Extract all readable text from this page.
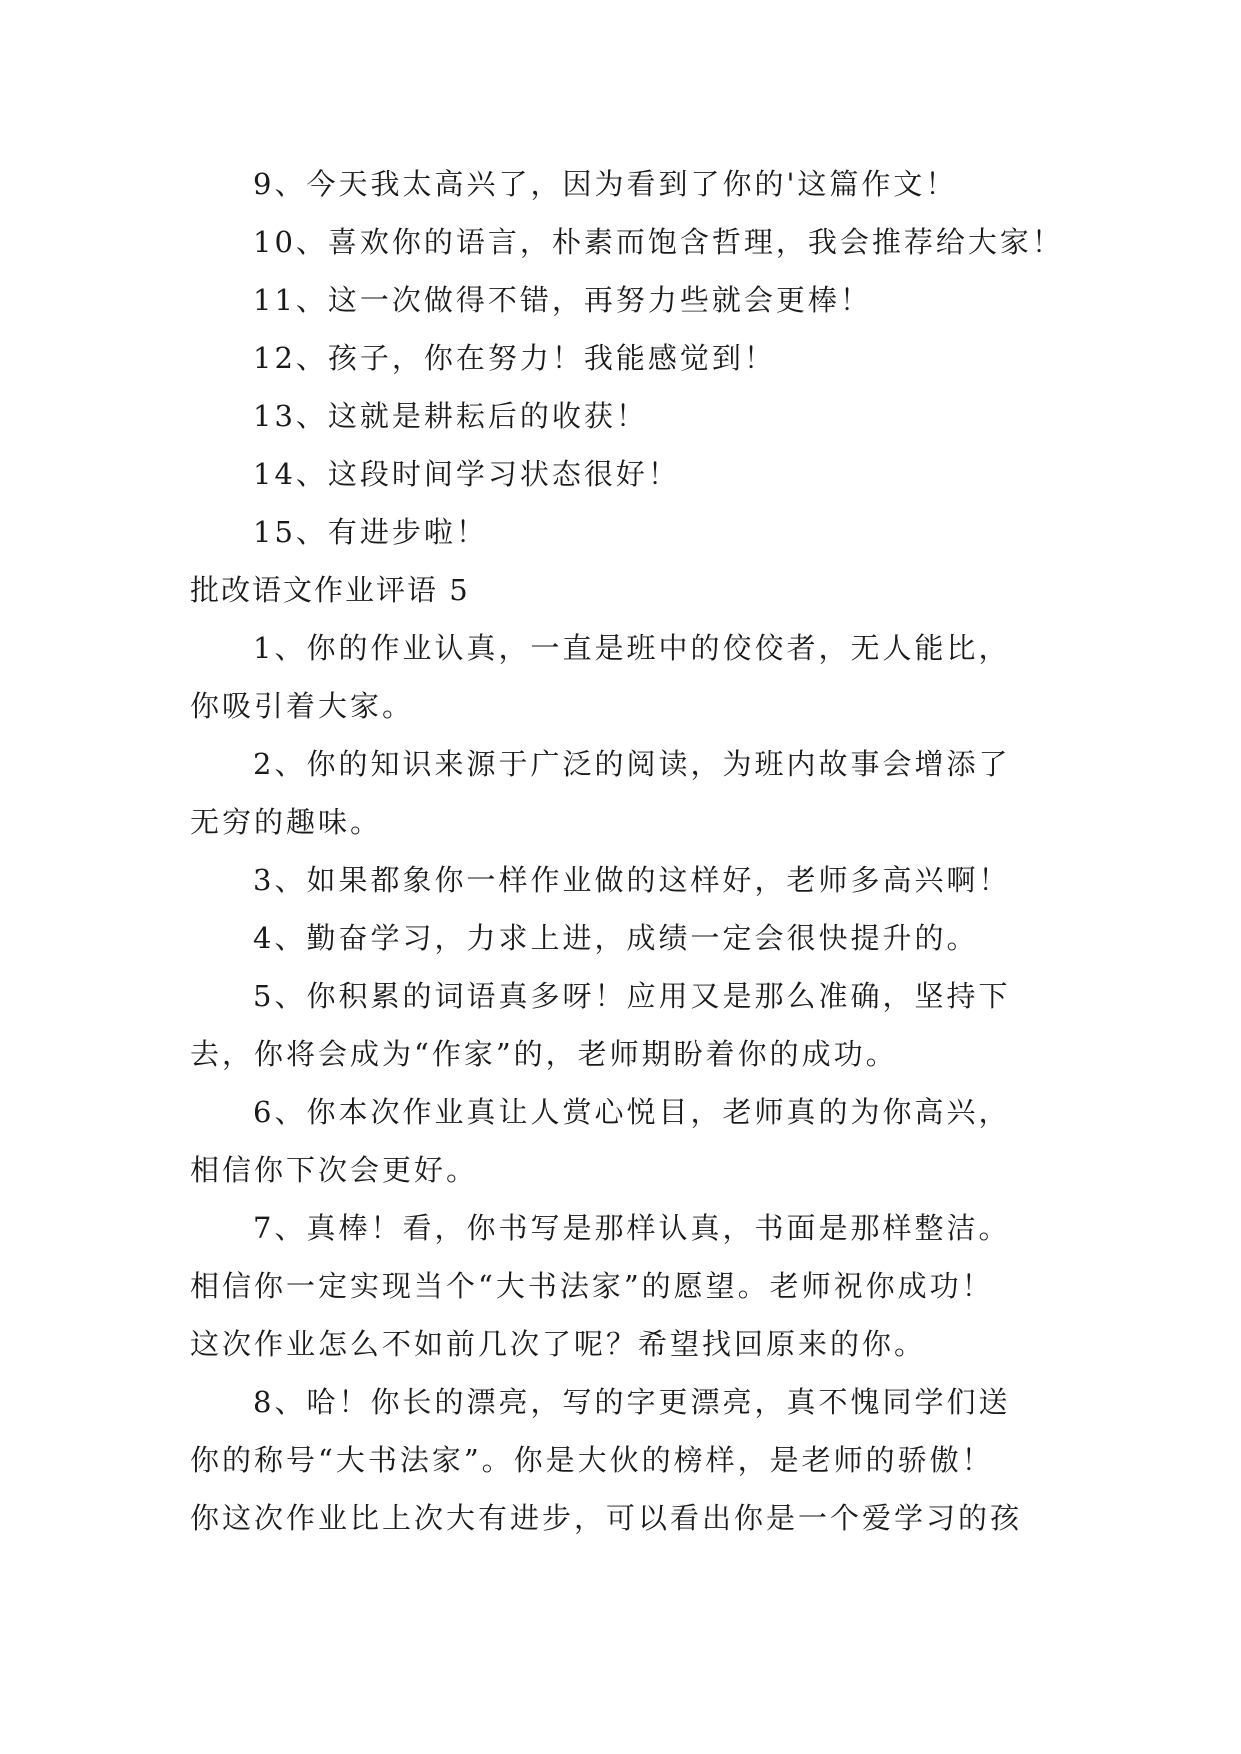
9、今天我太高兴了，因为看到了你的'这篇作文！
10、喜欢你的语言，朴素而饱含哲理，我会推荐给大家！
11、这一次做得不错，再努力些就会更棒！
12、孩子，你在努力！我能感觉到！
13、这就是耕耘后的收获！
14、这段时间学习状态很好！
15、有进步啦！
批改语文作业评语 5
1、你的作业认真，一直是班中的佼佼者，无人能比，
你吸引着大家。
2、你的知识来源于广泛的阅读，为班内故事会增添了
无穷的趣味。
3、如果都象你一样作业做的这样好，老师多高兴啊！
4、勤奋学习，力求上进，成绩一定会很快提升的。
5、你积累的词语真多呀！应用又是那么准确，坚持下
去，你将会成为“作家”的，老师期盼着你的成功。
6、你本次作业真让人赏心悦目，老师真的为你高兴，
相信你下次会更好。
7、真棒！看，你书写是那样认真，书面是那样整洁。
相信你一定实现当个“大书法家”的愿望。老师祝你成功！
这次作业怎么不如前几次了呢？希望找回原来的你。
8、哈！你长的漂亮，写的字更漂亮，真不愧同学们送
你的称号“大书法家”。你是大伙的榜样，是老师的骄傲！
你这次作业比上次大有进步，可以看出你是一个爱学习的孩
